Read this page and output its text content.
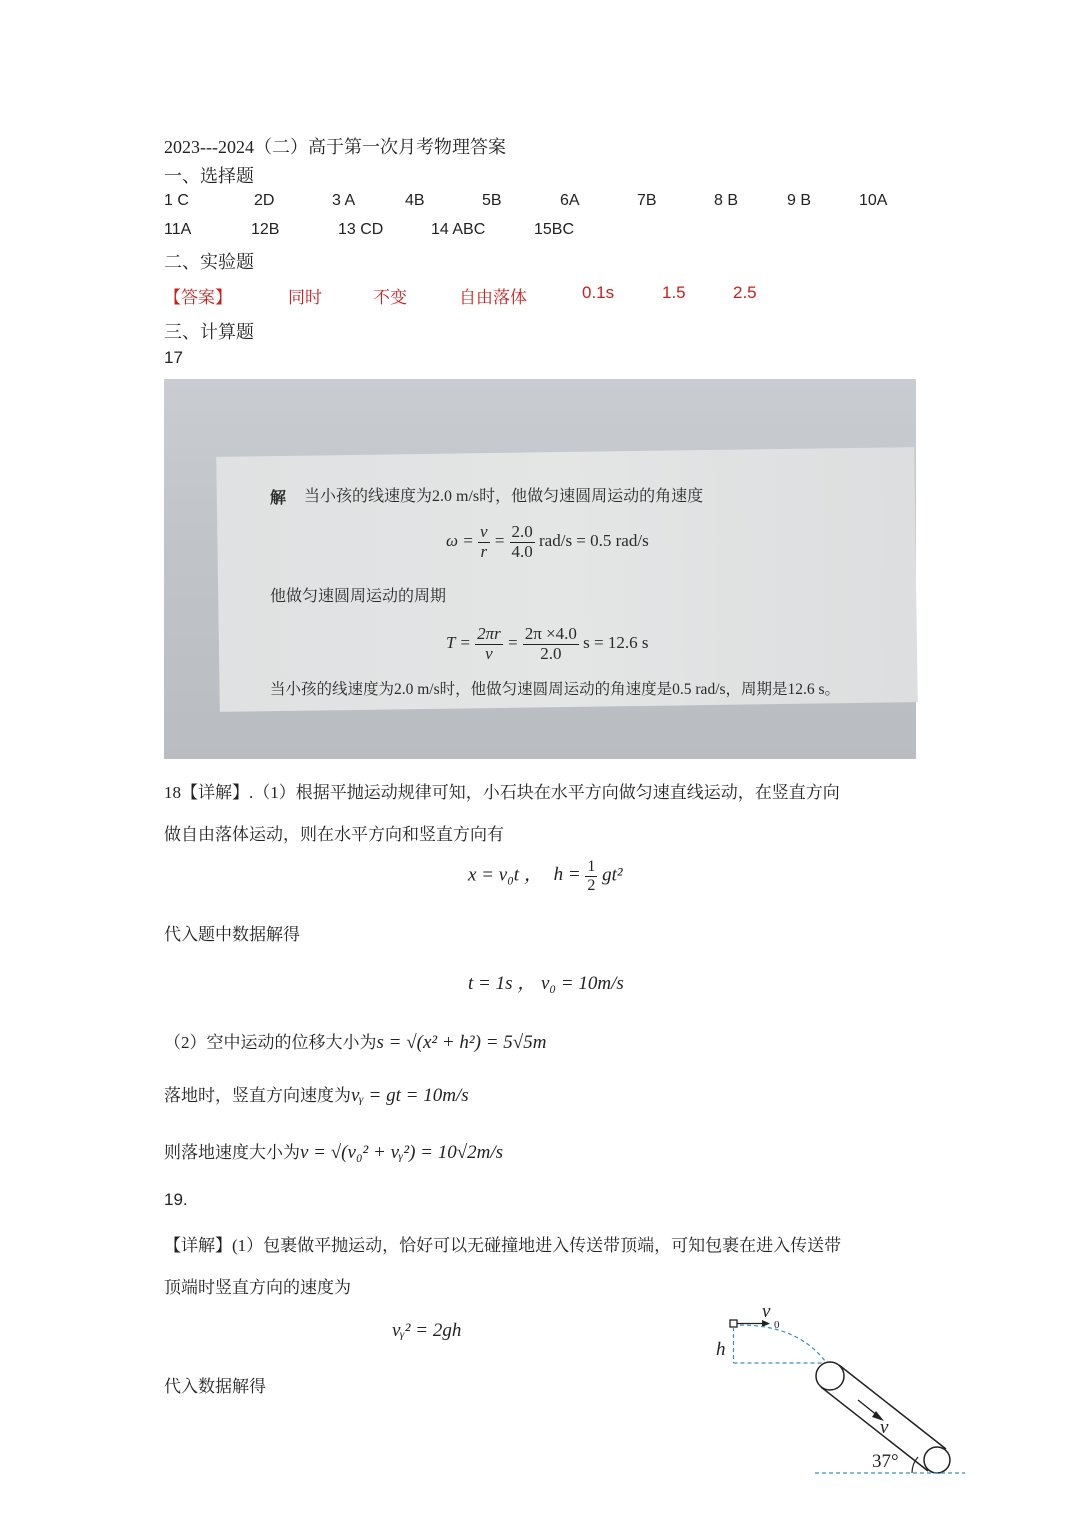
2023---2024（二）高于第一次月考物理答案
一、选择题
1 C	2D	3 A	4B	5B	6A	7B	8 B	9 B	10A
11A	12B	13 CD	14 ABC	15BC
二、实验题
【答案】	同时	不变	自由落体	0.1s	1.5	2.5
三、计算题
17
解 当小孩的线速度为2.0 m/s时，他做匀速圆周运动的角速度
$\omega = \frac{v}{r} = \frac{2.0}{4.0} rad/s = 0.5$ rad/s
他做匀速圆周运动的周期
$T = \frac{2\pi r}{v} = \frac{2\pi \times 4.0}{2.0}$ s = 12.6 s
当小孩的线速度为2.0 m/s时，他做匀速圆周运动的角速度是0.5 rad/s，周期是12.6 s。
18【详解】.（1）根据平抛运动规律可知，小石块在水平方向做匀速直线运动，在竖直方向
做自由落体运动，则在水平方向和竖直方向有
x = v₀t ， $h = \frac{1}{2} gt^2$
代入题中数据解得
t = 1s ， v₀ = 10m/s
（2）空中运动的位移大小为s = √(x² + h²) = 5√5m
落地时，竖直方向速度为vᵧ = gt = 10m/s
则落地速度大小为v = √(v₀² + vᵧ²) = 10√2m/s
19.
【详解】(1）包裹做平抛运动，恰好可以无碰撞地进入传送带顶端，可知包裹在进入传送带
顶端时竖直方向的速度为
vᵧ² = 2gh
代入数据解得
v
0
h
v
37°
